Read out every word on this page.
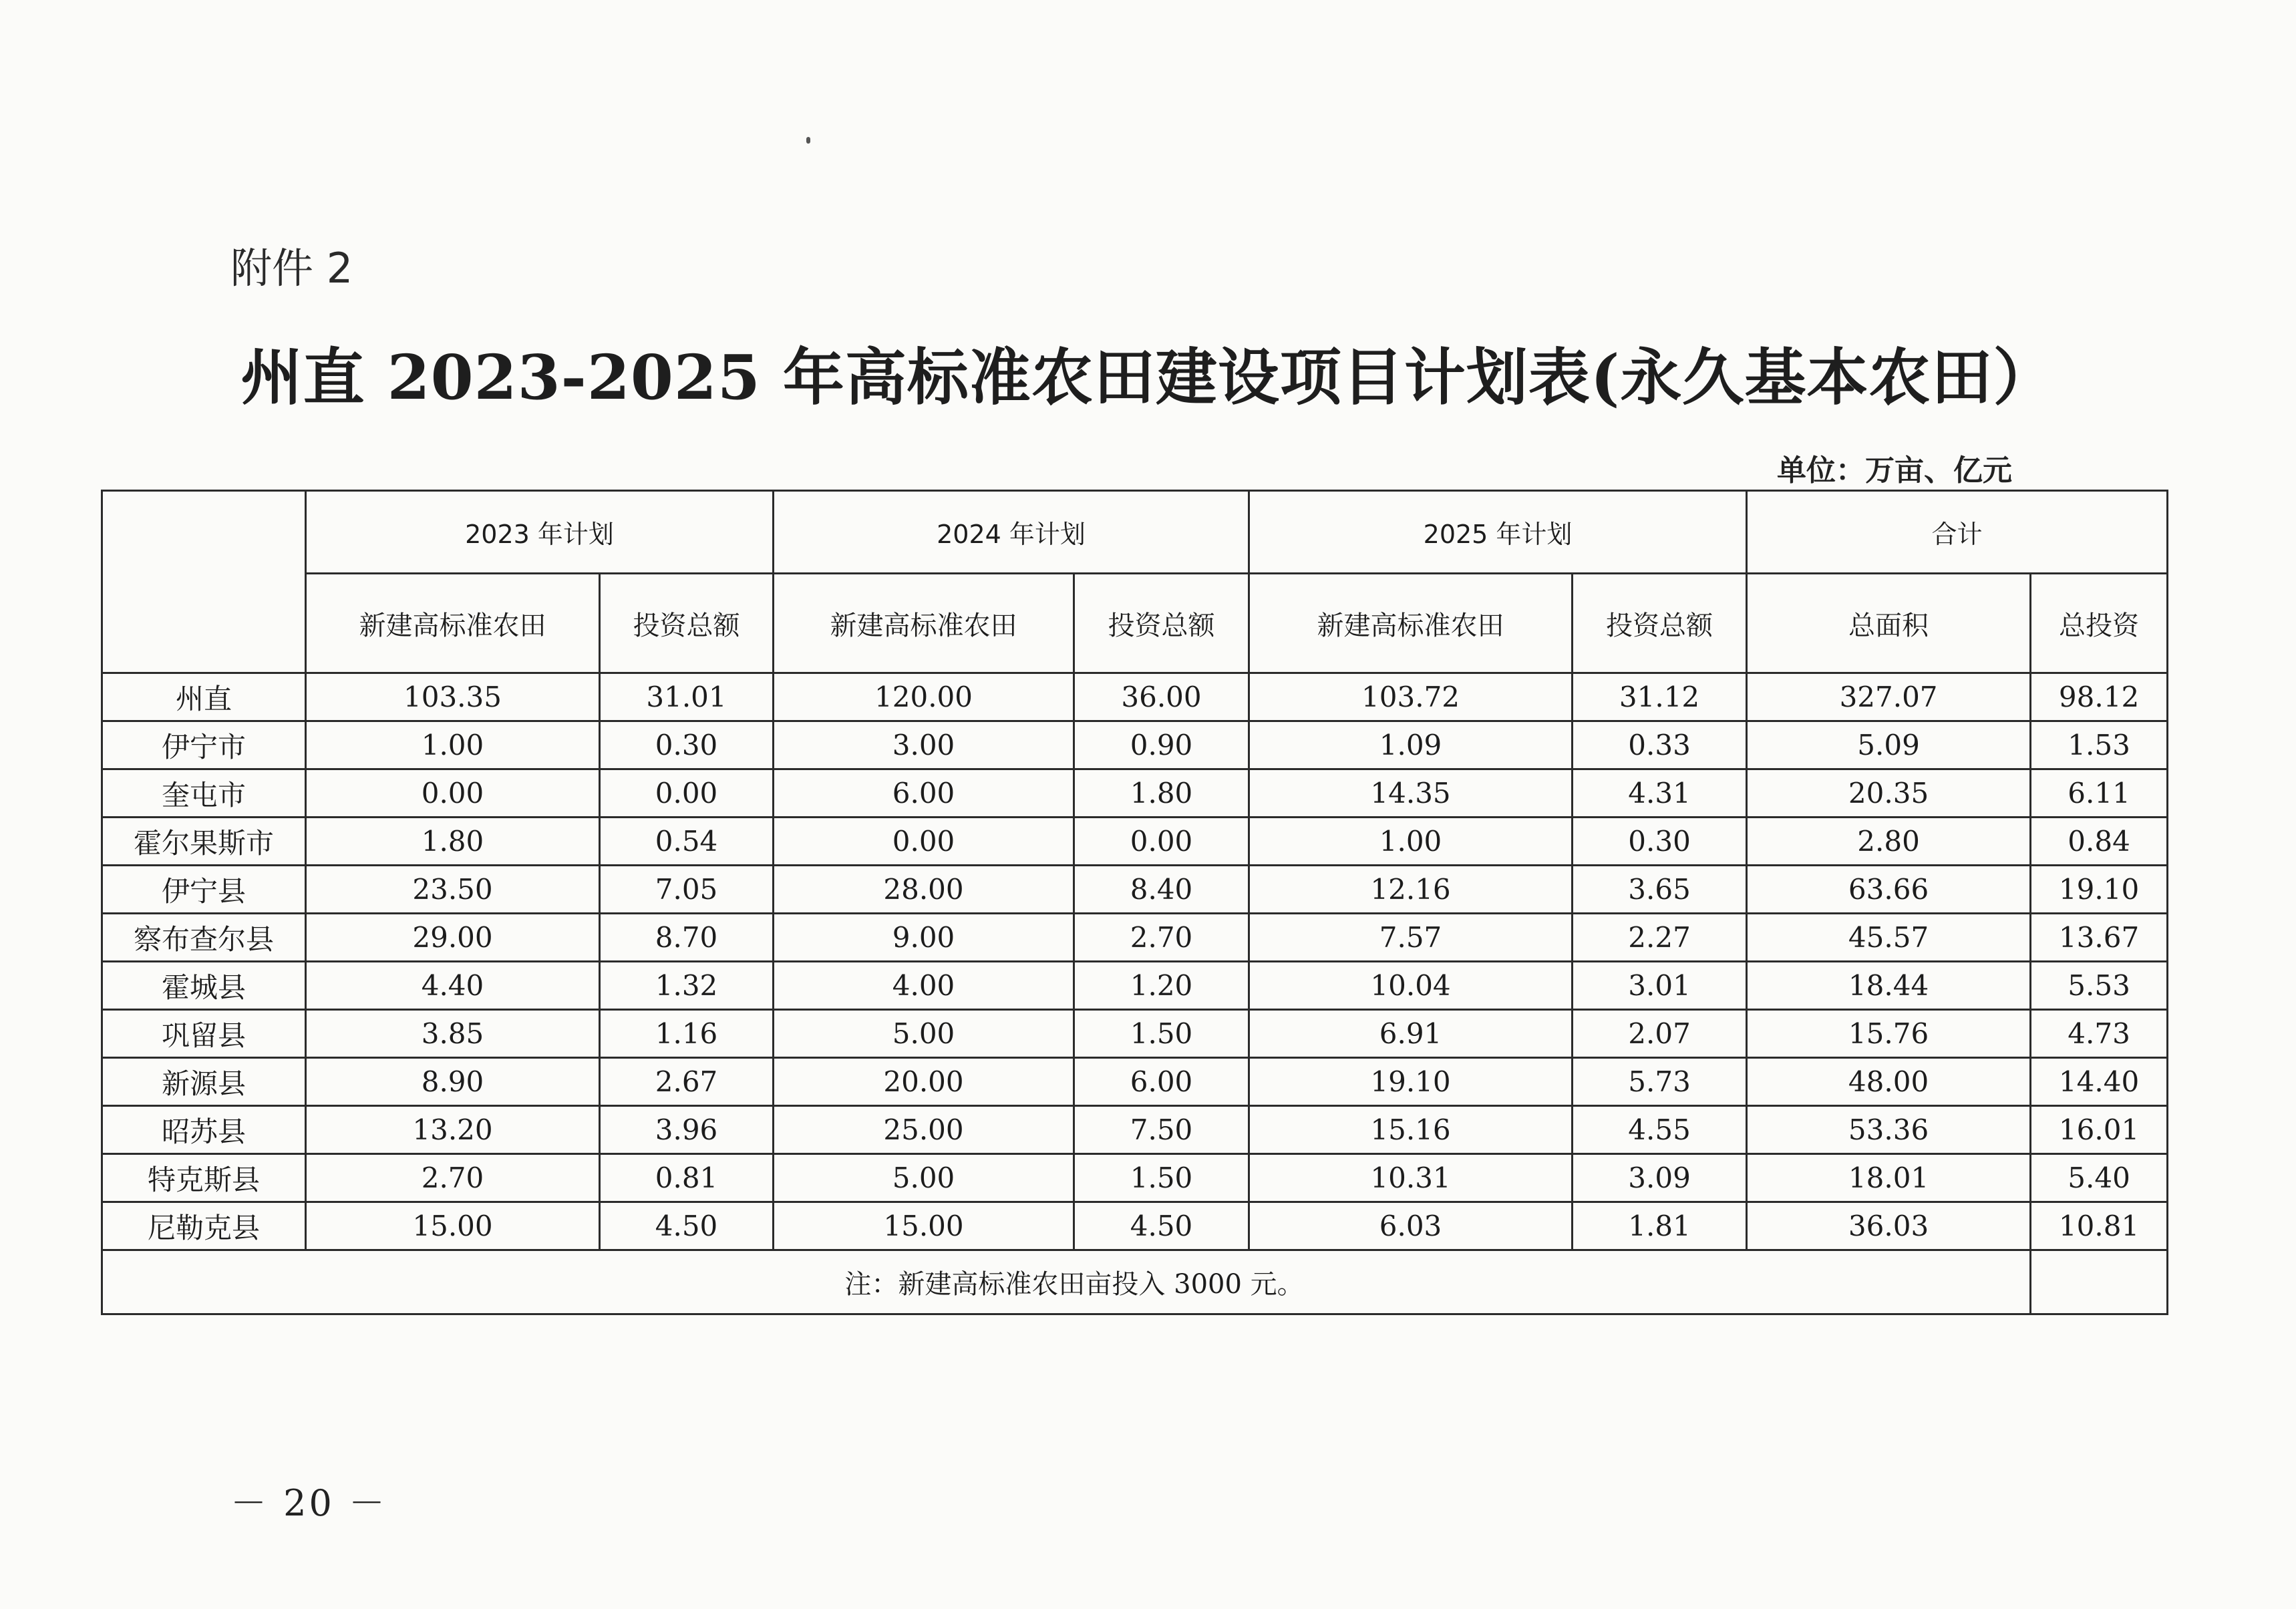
附件 2
州直 2023-2025 年高标准农田建设项目计划表(永久基本农田）
单位：万亩、亿元
	2023 年计划		2024 年计划		2025 年计划		合计	
	新建高标准农田	投资总额	新建高标准农田	投资总额	新建高标准农田	投资总额	总面积	总投资
州直	103.35	31.01	120.00	36.00	103.72	31.12	327.07	98.12
伊宁市	1.00	0.30	3.00	0.90	1.09	0.33	5.09	1.53
奎屯市	0.00	0.00	6.00	1.80	14.35	4.31	20.35	6.11
霍尔果斯市	1.80	0.54	0.00	0.00	1.00	0.30	2.80	0.84
伊宁县	23.50	7.05	28.00	8.40	12.16	3.65	63.66	19.10
察布查尔县	29.00	8.70	9.00	2.70	7.57	2.27	45.57	13.67
霍城县	4.40	1.32	4.00	1.20	10.04	3.01	18.44	5.53
巩留县	3.85	1.16	5.00	1.50	6.91	2.07	15.76	4.73
新源县	8.90	2.67	20.00	6.00	19.10	5.73	48.00	14.40
昭苏县	13.20	3.96	25.00	7.50	15.16	4.55	53.36	16.01
特克斯县	2.70	0.81	5.00	1.50	10.31	3.09	18.01	5.40
尼勒克县	15.00	4.50	15.00	4.50	6.03	1.81	36.03	10.81
注：新建高标准农田亩投入 3000 元。								
－ 20 －
